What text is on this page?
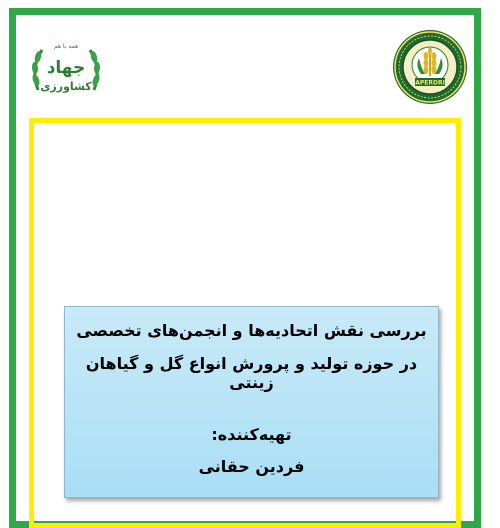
همه با هم
جهاد
کشاورزی	APERDRI
بررسی نقش اتحادیه‌ها و انجمن‌های تخصصی
در حوزه تولید و پرورش انواع گل و گیاهان زینتی
تهیه‌کننده:
فردین حقانی
